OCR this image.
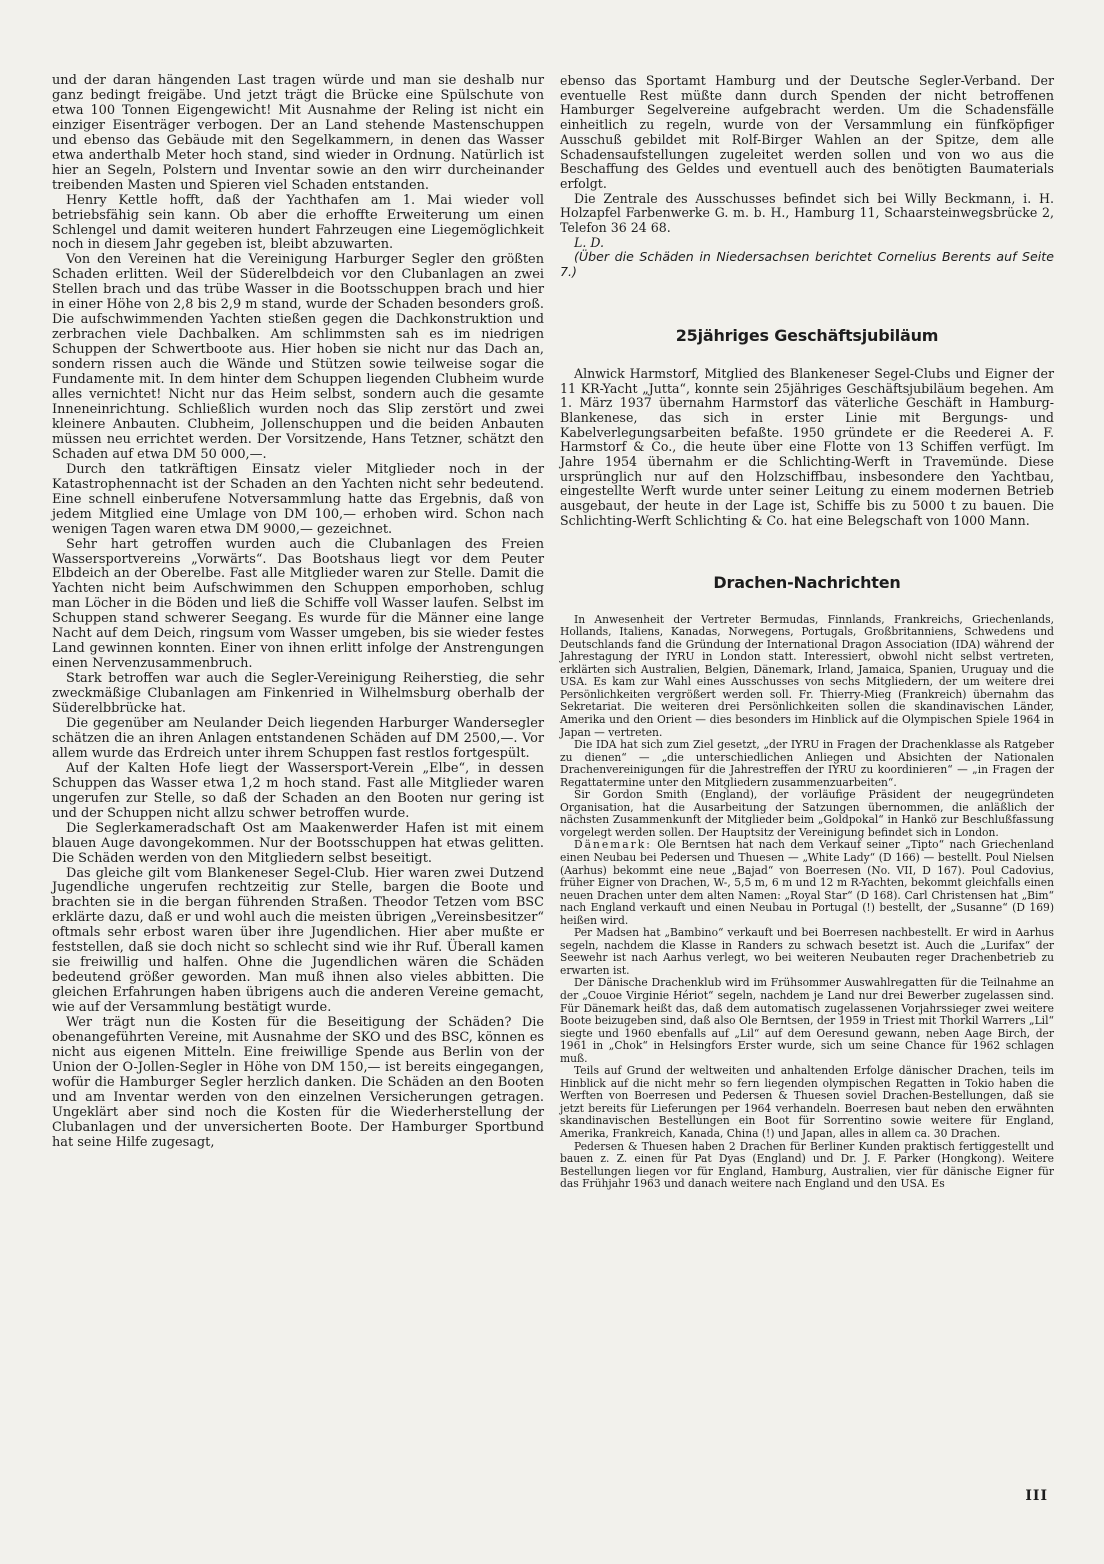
und der daran hängenden Last tragen würde und man sie deshalb nur ganz bedingt freigäbe. Und jetzt trägt die Brücke eine Spülschute von etwa 100 Tonnen Eigengewicht! Mit Ausnahme der Reling ist nicht ein einziger Eisenträger verbogen. Der an Land stehende Mastenschuppen und ebenso das Gebäude mit den Segelkammern, in denen das Wasser etwa anderthalb Meter hoch stand, sind wieder in Ordnung. Natürlich ist hier an Segeln, Polstern und Inventar sowie an den wirr durcheinander treibenden Masten und Spieren viel Schaden entstanden.

Henry Kettle hofft, daß der Yachthafen am 1. Mai wieder voll betriebsfähig sein kann. Ob aber die erhoffte Erweiterung um einen Schlengel und damit weiteren hundert Fahrzeugen eine Liegemöglichkeit noch in diesem Jahr gegeben ist, bleibt abzuwarten.

Von den Vereinen hat die Vereinigung Harburger Segler den größten Schaden erlitten. Weil der Süderelbdeich vor den Clubanlagen an zwei Stellen brach und das trübe Wasser in die Bootsschuppen brach und hier in einer Höhe von 2,8 bis 2,9 m stand, wurde der Schaden besonders groß. Die aufschwimmenden Yachten stießen gegen die Dachkonstruktion und zerbrachen viele Dachbalken. Am schlimmsten sah es im niedrigen Schuppen der Schwertboote aus. Hier hoben sie nicht nur das Dach an, sondern rissen auch die Wände und Stützen sowie teilweise sogar die Fundamente mit. In dem hinter dem Schuppen liegenden Clubheim wurde alles vernichtet! Nicht nur das Heim selbst, sondern auch die gesamte Inneneinrichtung. Schließlich wurden noch das Slip zerstört und zwei kleinere Anbauten. Clubheim, Jollenschuppen und die beiden Anbauten müssen neu errichtet werden. Der Vorsitzende, Hans Tetzner, schätzt den Schaden auf etwa DM 50 000,—.

Durch den tatkräftigen Einsatz vieler Mitglieder noch in der Katastrophennacht ist der Schaden an den Yachten nicht sehr bedeutend. Eine schnell einberufene Notversammlung hatte das Ergebnis, daß von jedem Mitglied eine Umlage von DM 100,— erhoben wird. Schon nach wenigen Tagen waren etwa DM 9000,— gezeichnet.

Sehr hart getroffen wurden auch die Clubanlagen des Freien Wassersportvereins „Vorwärts“. Das Bootshaus liegt vor dem Peuter Elbdeich an der Oberelbe. Fast alle Mitglieder waren zur Stelle. Damit die Yachten nicht beim Aufschwimmen den Schuppen emporhoben, schlug man Löcher in die Böden und ließ die Schiffe voll Wasser laufen. Selbst im Schuppen stand schwerer Seegang. Es wurde für die Männer eine lange Nacht auf dem Deich, ringsum vom Wasser umgeben, bis sie wieder festes Land gewinnen konnten. Einer von ihnen erlitt infolge der Anstrengungen einen Nervenzusammenbruch.

Stark betroffen war auch die Segler-Vereinigung Reiherstieg, die sehr zweckmäßige Clubanlagen am Finkenried in Wilhelmsburg oberhalb der Süderelbbrücke hat.

Die gegenüber am Neulander Deich liegenden Harburger Wandersegler schätzen die an ihren Anlagen entstandenen Schäden auf DM 2500,—. Vor allem wurde das Erdreich unter ihrem Schuppen fast restlos fortgespült.

Auf der Kalten Hofe liegt der Wassersport-Verein „Elbe“, in dessen Schuppen das Wasser etwa 1,2 m hoch stand. Fast alle Mitglieder waren ungerufen zur Stelle, so daß der Schaden an den Booten nur gering ist und der Schuppen nicht allzu schwer betroffen wurde.

Die Seglerkameradschaft Ost am Maakenwerder Hafen ist mit einem blauen Auge davongekommen. Nur der Bootsschuppen hat etwas gelitten. Die Schäden werden von den Mitgliedern selbst beseitigt.

Das gleiche gilt vom Blankeneser Segel-Club. Hier waren zwei Dutzend Jugendliche ungerufen rechtzeitig zur Stelle, bargen die Boote und brachten sie in die bergan führenden Straßen. Theodor Tetzen vom BSC erklärte dazu, daß er und wohl auch die meisten übrigen „Vereinsbesitzer“ oftmals sehr erbost waren über ihre Jugendlichen. Hier aber mußte er feststellen, daß sie doch nicht so schlecht sind wie ihr Ruf. Überall kamen sie freiwillig und halfen. Ohne die Jugendlichen wären die Schäden bedeutend größer geworden. Man muß ihnen also vieles abbitten. Die gleichen Erfahrungen haben übrigens auch die anderen Vereine gemacht, wie auf der Versammlung bestätigt wurde.

Wer trägt nun die Kosten für die Beseitigung der Schäden? Die obenangeführten Vereine, mit Ausnahme der SKO und des BSC, können es nicht aus eigenen Mitteln. Eine freiwillige Spende aus Berlin von der Union der O-Jollen-Segler in Höhe von DM 150,— ist bereits eingegangen, wofür die Hamburger Segler herzlich danken. Die Schäden an den Booten und am Inventar werden von den einzelnen Versicherungen getragen. Ungeklärt aber sind noch die Kosten für die Wiederherstellung der Clubanlagen und der unversicherten Boote. Der Hamburger Sportbund hat seine Hilfe zugesagt,

ebenso das Sportamt Hamburg und der Deutsche Segler-Verband. Der eventuelle Rest müßte dann durch Spenden der nicht betroffenen Hamburger Segelvereine aufgebracht werden. Um die Schadensfälle einheitlich zu regeln, wurde von der Versammlung ein fünfköpfiger Ausschuß gebildet mit Rolf-Birger Wahlen an der Spitze, dem alle Schadensaufstellungen zugeleitet werden sollen und von wo aus die Beschaffung des Geldes und eventuell auch des benötigten Baumaterials erfolgt.

Die Zentrale des Ausschusses befindet sich bei Willy Beckmann, i. H. Holzapfel Farbenwerke G. m. b. H., Hamburg 11, Schaarsteinwegsbrücke 2, Telefon 36 24 68.

L. D.

(Über die Schäden in Niedersachsen berichtet Cornelius Berents auf Seite 7.)

25jähriges Geschäftsjubiläum

Alnwick Harmstorf, Mitglied des Blankeneser Segel-Clubs und Eigner der 11 KR-Yacht „Jutta“, konnte sein 25jähriges Geschäftsjubiläum begehen. Am 1. März 1937 übernahm Harmstorf das väterliche Geschäft in Hamburg-Blankenese, das sich in erster Linie mit Bergungs- und Kabelverlegungsarbeiten befaßte. 1950 gründete er die Reederei A. F. Harmstorf & Co., die heute über eine Flotte von 13 Schiffen verfügt. Im Jahre 1954 übernahm er die Schlichting-Werft in Travemünde. Diese ursprünglich nur auf den Holzschiffbau, insbesondere den Yachtbau, eingestellte Werft wurde unter seiner Leitung zu einem modernen Betrieb ausgebaut, der heute in der Lage ist, Schiffe bis zu 5000 t zu bauen. Die Schlichting-Werft Schlichting & Co. hat eine Belegschaft von 1000 Mann.

Drachen-Nachrichten

In Anwesenheit der Vertreter Bermudas, Finnlands, Frankreichs, Griechenlands, Hollands, Italiens, Kanadas, Norwegens, Portugals, Großbritanniens, Schwedens und Deutschlands fand die Gründung der International Dragon Association (IDA) während der Jahrestagung der IYRU in London statt. Interessiert, obwohl nicht selbst vertreten, erklärten sich Australien, Belgien, Dänemark, Irland, Jamaica, Spanien, Uruguay und die USA. Es kam zur Wahl eines Ausschusses von sechs Mitgliedern, der um weitere drei Persönlichkeiten vergrößert werden soll. Fr. Thierry-Mieg (Frankreich) übernahm das Sekretariat. Die weiteren drei Persönlichkeiten sollen die skandinavischen Länder, Amerika und den Orient — dies besonders im Hinblick auf die Olympischen Spiele 1964 in Japan — vertreten.

Die IDA hat sich zum Ziel gesetzt, „der IYRU in Fragen der Drachenklasse als Ratgeber zu dienen“ — „die unterschiedlichen Anliegen und Absichten der Nationalen Drachenvereinigungen für die Jahrestreffen der IYRU zu koordinieren“ — „in Fragen der Regattatermine unter den Mitgliedern zusammenzuarbeiten“.

Sir Gordon Smith (England), der vorläufige Präsident der neugegründeten Organisation, hat die Ausarbeitung der Satzungen übernommen, die anläßlich der nächsten Zusammenkunft der Mitglieder beim „Goldpokal“ in Hankö zur Beschlußfassung vorgelegt werden sollen. Der Hauptsitz der Vereinigung befindet sich in London.

Dänemark: Ole Berntsen hat nach dem Verkauf seiner „Tipto“ nach Griechenland einen Neubau bei Pedersen und Thuesen — „White Lady“ (D 166) — bestellt. Poul Nielsen (Aarhus) bekommt eine neue „Bajad“ von Boerresen (No. VII, D 167). Poul Cadovius, früher Eigner von Drachen, W-, 5,5 m, 6 m und 12 m R-Yachten, bekommt gleichfalls einen neuen Drachen unter dem alten Namen: „Royal Star“ (D 168). Carl Christensen hat „Bim“ nach England verkauft und einen Neubau in Portugal (!) bestellt, der „Susanne“ (D 169) heißen wird.

Per Madsen hat „Bambino“ verkauft und bei Boerresen nachbestellt. Er wird in Aarhus segeln, nachdem die Klasse in Randers zu schwach besetzt ist. Auch die „Lurifax“ der Seewehr ist nach Aarhus verlegt, wo bei weiteren Neubauten reger Drachenbetrieb zu erwarten ist.

Der Dänische Drachenklub wird im Frühsommer Auswahlregatten für die Teilnahme an der „Couoe Virginie Hériot“ segeln, nachdem je Land nur drei Bewerber zugelassen sind. Für Dänemark heißt das, daß dem automatisch zugelassenen Vorjahrssieger zwei weitere Boote beizugeben sind, daß also Ole Berntsen, der 1959 in Triest mit Thorkil Warrers „Lil“ siegte und 1960 ebenfalls auf „Lil“ auf dem Oeresund gewann, neben Aage Birch, der 1961 in „Chok“ in Helsingfors Erster wurde, sich um seine Chance für 1962 schlagen muß.

Teils auf Grund der weltweiten und anhaltenden Erfolge dänischer Drachen, teils im Hinblick auf die nicht mehr so fern liegenden olympischen Regatten in Tokio haben die Werften von Boerresen und Pedersen & Thuesen soviel Drachen-Bestellungen, daß sie jetzt bereits für Lieferungen per 1964 verhandeln. Boerresen baut neben den erwähnten skandinavischen Bestellungen ein Boot für Sorrentino sowie weitere für England, Amerika, Frankreich, Kanada, China (!) und Japan, alles in allem ca. 30 Drachen.

Pedersen & Thuesen haben 2 Drachen für Berliner Kunden praktisch fertiggestellt und bauen z. Z. einen für Pat Dyas (England) und Dr. J. F. Parker (Hongkong). Weitere Bestellungen liegen vor für England, Hamburg, Australien, vier für dänische Eigner für das Frühjahr 1963 und danach weitere nach England und den USA. Es

III
